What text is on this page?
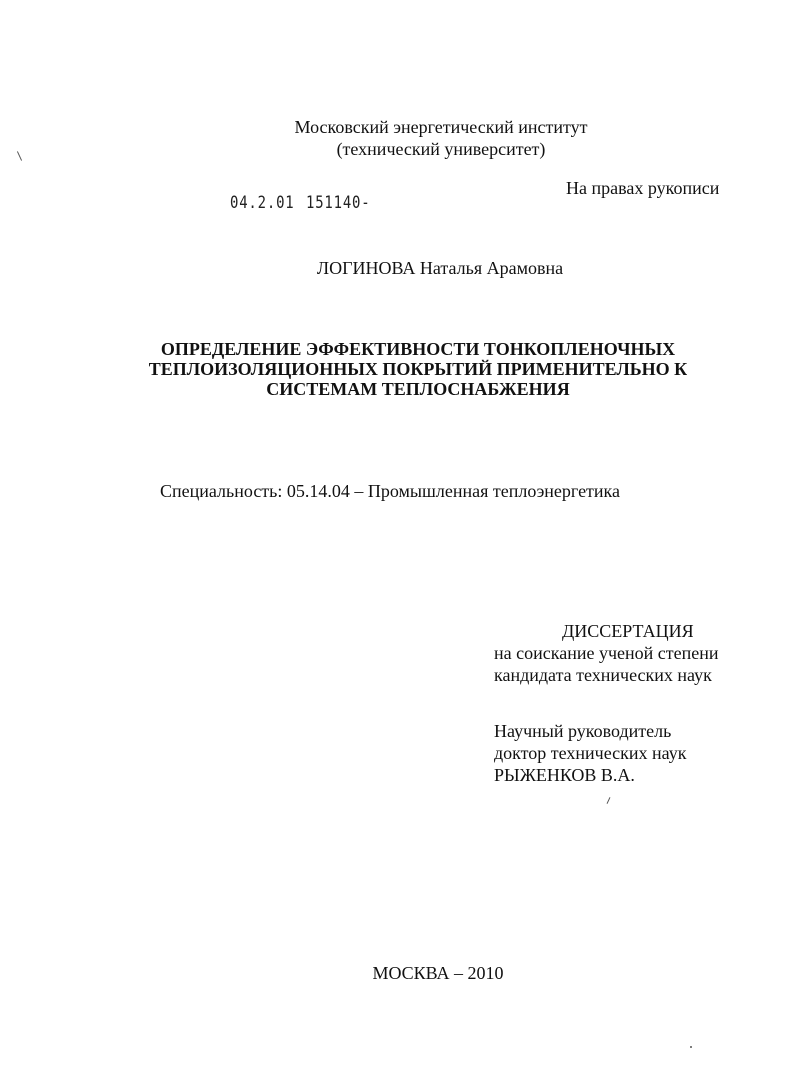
Московский энергетический институт
(технический университет)
На правах рукописи
04.2.01 151140-
ЛОГИНОВА Наталья Арамовна
ОПРЕДЕЛЕНИЕ ЭФФЕКТИВНОСТИ ТОНКОПЛЕНОЧНЫХ
ТЕПЛОИЗОЛЯЦИОННЫХ ПОКРЫТИЙ ПРИМЕНИТЕЛЬНО К
СИСТЕМАМ ТЕПЛОСНАБЖЕНИЯ
Специальность: 05.14.04 – Промышленная теплоэнергетика
ДИССЕРТАЦИЯ
на соискание ученой степени
кандидата технических наук
Научный руководитель
доктор технических наук
РЫЖЕНКОВ В.А.
МОСКВА – 2010
